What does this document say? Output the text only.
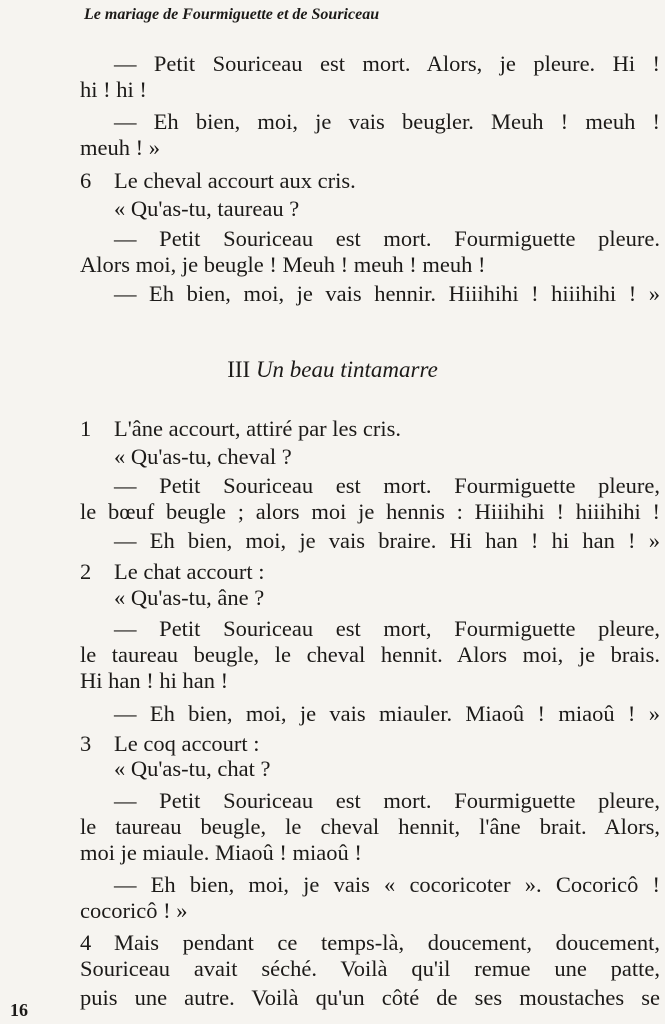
Le mariage de Fourmiguette et de Souriceau
— Petit Souriceau est mort. Alors, je pleure. Hi !
hi ! hi !
— Eh bien, moi, je vais beugler. Meuh ! meuh !
meuh ! »
6 Le cheval accourt aux cris.
« Qu'as-tu, taureau ?
— Petit Souriceau est mort. Fourmiguette pleure.
Alors moi, je beugle ! Meuh ! meuh ! meuh !
— Eh bien, moi, je vais hennir. Hiiihihi ! hiiihihi ! »
III Un beau tintamarre
1 L'âne accourt, attiré par les cris.
« Qu'as-tu, cheval ?
— Petit Souriceau est mort. Fourmiguette pleure,
le bœuf beugle ; alors moi je hennis : Hiiihihi ! hiiihihi !
— Eh bien, moi, je vais braire. Hi han ! hi han ! »
2 Le chat accourt :
« Qu'as-tu, âne ?
— Petit Souriceau est mort, Fourmiguette pleure,
le taureau beugle, le cheval hennit. Alors moi, je brais.
Hi han ! hi han !
— Eh bien, moi, je vais miauler. Miaoû ! miaoû ! »
3 Le coq accourt :
« Qu'as-tu, chat ?
— Petit Souriceau est mort. Fourmiguette pleure,
le taureau beugle, le cheval hennit, l'âne brait. Alors,
moi je miaule. Miaoû ! miaoû !
— Eh bien, moi, je vais « cocoricoter ». Cocoricô !
cocoricô ! »
4 Mais pendant ce temps-là, doucement, doucement,
Souriceau avait séché. Voilà qu'il remue une patte,
puis une autre. Voilà qu'un côté de ses moustaches se
16
